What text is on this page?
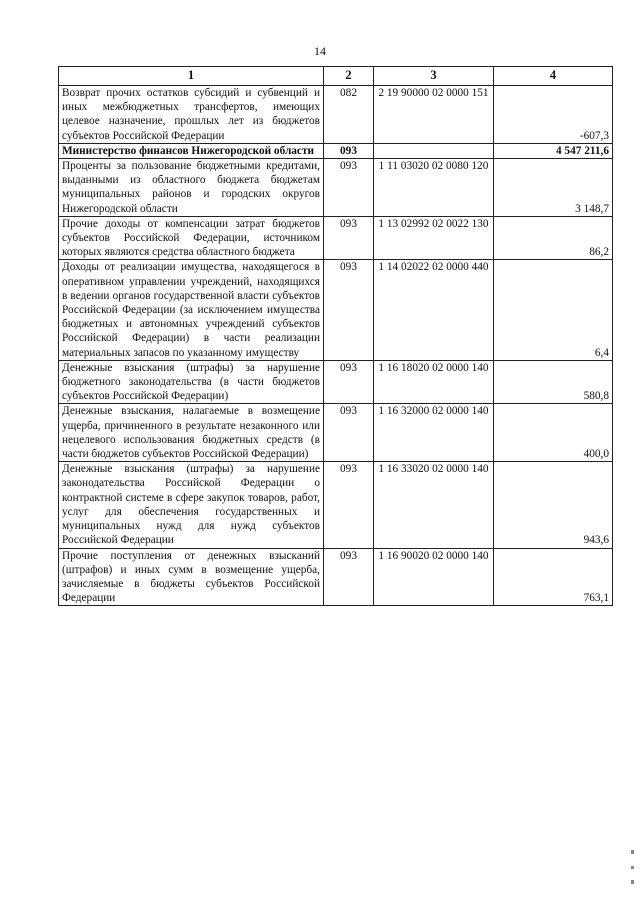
14
1	2	3	4
Возврат прочих остатков субсидий и субвенций и иных межбюджетных трансфертов, имеющих целевое назначение, прошлых лет из бюджетов субъектов Российской Федерации	082	2 19 90000 02 0000 151	-607,3
Министерство финансов Нижегородской области	093		4 547 211,6
Проценты за пользование бюджетными кредитами, выданными из областного бюджета бюджетам муниципальных районов и городских округов Нижегородской области	093	1 11 03020 02 0080 120	3 148,7
Прочие доходы от компенсации затрат бюджетов субъектов Российской Федерации, источником которых являются средства областного бюджета	093	1 13 02992 02 0022 130	86,2
Доходы от реализации имущества, находящегося в оперативном управлении учреждений, находящихся в ведении органов государственной власти субъектов Российской Федерации (за исключением имущества бюджетных и автономных учреждений субъектов Российской Федерации) в части реализации материальных запасов по указанному имуществу	093	1 14 02022 02 0000 440	6,4
Денежные взыскания (штрафы) за нарушение бюджетного законодательства (в части бюджетов субъектов Российской Федерации)	093	1 16 18020 02 0000 140	580,8
Денежные взыскания, налагаемые в возмещение ущерба, причиненного в результате незаконного или нецелевого использования бюджетных средств (в части бюджетов субъектов Российской Федерации)	093	1 16 32000 02 0000 140	400,0
Денежные взыскания (штрафы) за нарушение законодательства Российской Федерации о контрактной системе в сфере закупок товаров, работ, услуг для обеспечения государственных и муниципальных нужд для нужд субъектов Российской Федерации	093	1 16 33020 02 0000 140	943,6
Прочие поступления от денежных взысканий (штрафов) и иных сумм в возмещение ущерба, зачисляемые в бюджеты субъектов Российской Федерации	093	1 16 90020 02 0000 140	763,1
